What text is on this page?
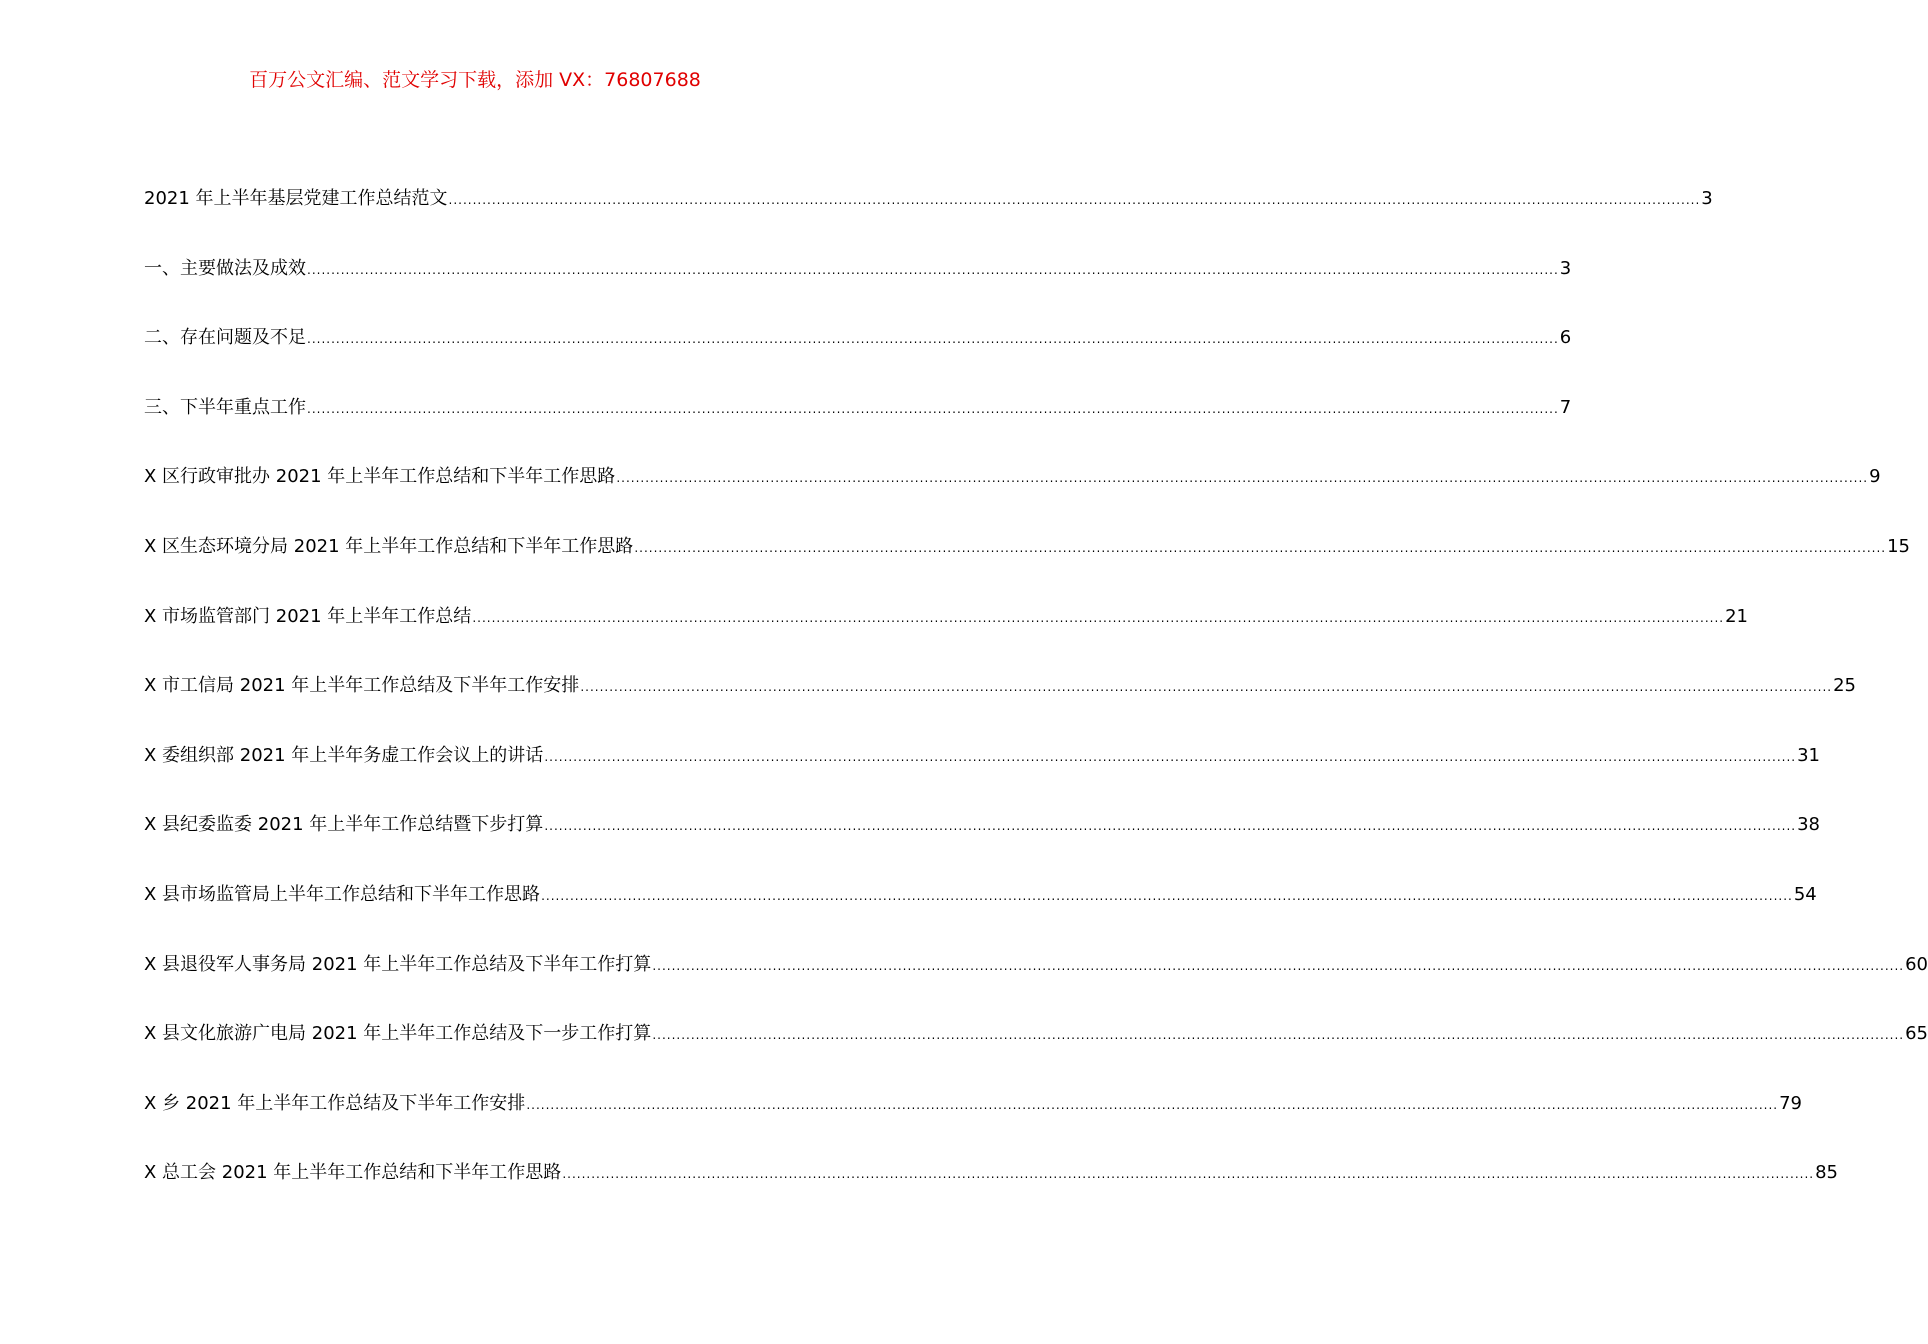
百万公文汇编、范文学习下载，添加 VX：76807688
2021 年上半年基层党建工作总结范文 .................................................................................................................................................................................................................................................................... 3
一、主要做法及成效 .................................................................................................................................................................................................................................................................... 3
二、存在问题及不足 .................................................................................................................................................................................................................................................................... 6
三、下半年重点工作 .................................................................................................................................................................................................................................................................... 7
X 区行政审批办 2021 年上半年工作总结和下半年工作思路 .................................................................................................................................................................................................................................................................... 9
X 区生态环境分局 2021 年上半年工作总结和下半年工作思路 .................................................................................................................................................................................................................................................................... 15
X 市场监管部门 2021 年上半年工作总结 .................................................................................................................................................................................................................................................................... 21
X 市工信局 2021 年上半年工作总结及下半年工作安排 .................................................................................................................................................................................................................................................................... 25
X 委组织部 2021 年上半年务虚工作会议上的讲话 .................................................................................................................................................................................................................................................................... 31
X 县纪委监委 2021 年上半年工作总结暨下步打算 .................................................................................................................................................................................................................................................................... 38
X 县市场监管局上半年工作总结和下半年工作思路 .................................................................................................................................................................................................................................................................... 54
X 县退役军人事务局 2021 年上半年工作总结及下半年工作打算 .................................................................................................................................................................................................................................................................... 60
X 县文化旅游广电局 2021 年上半年工作总结及下一步工作打算 .................................................................................................................................................................................................................................................................... 65
X 乡 2021 年上半年工作总结及下半年工作安排 .................................................................................................................................................................................................................................................................... 79
X 总工会 2021 年上半年工作总结和下半年工作思路 .................................................................................................................................................................................................................................................................... 85
